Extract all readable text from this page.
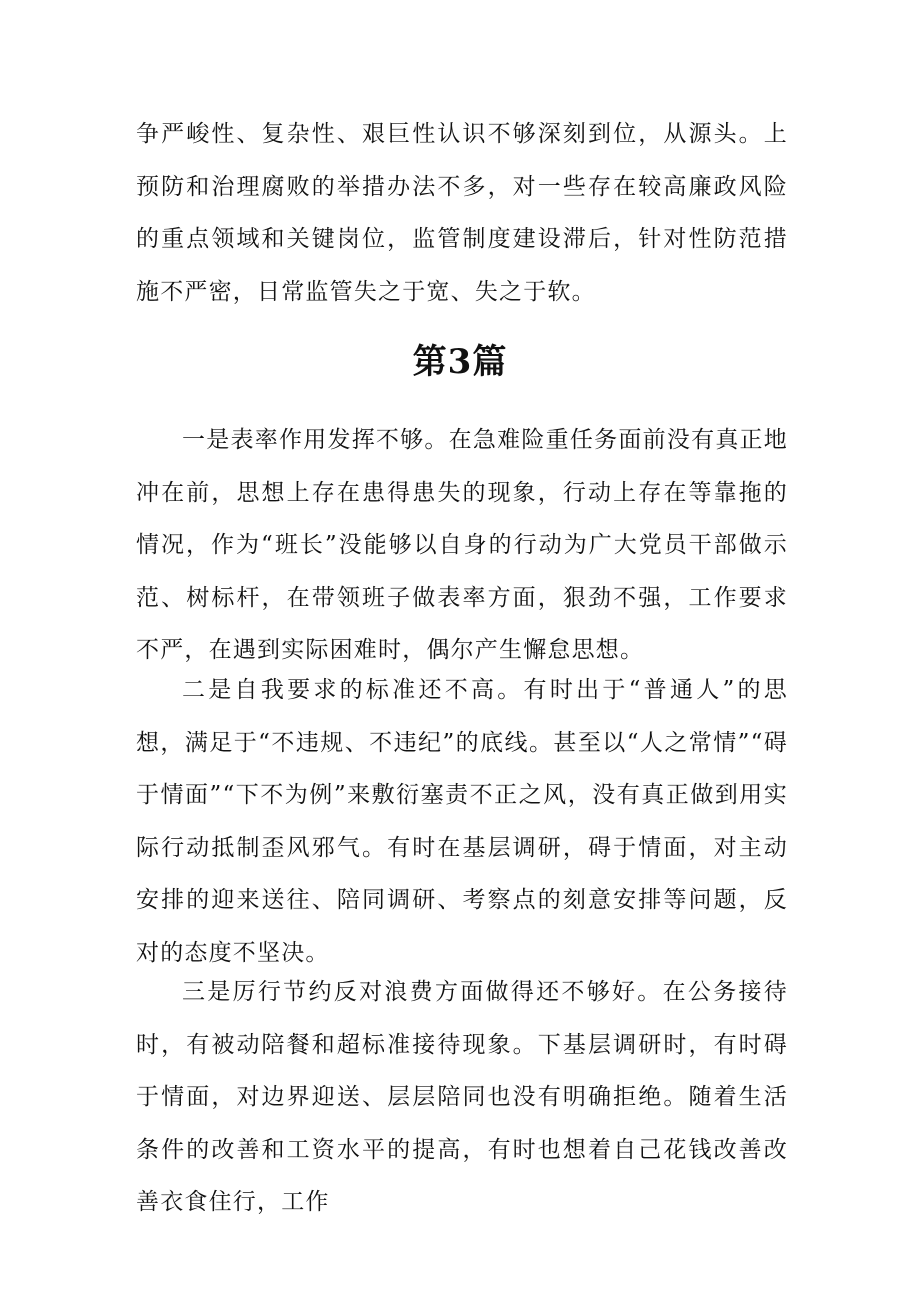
争严峻性、复杂性、艰巨性认识不够深刻到位，从源头。上预防和治理腐败的举措办法不多，对一些存在较高廉政风险的重点领域和关键岗位，监管制度建设滞后，针对性防范措施不严密，日常监管失之于宽、失之于软。

第3篇

一是表率作用发挥不够。在急难险重任务面前没有真正地冲在前，思想上存在患得患失的现象，行动上存在等靠拖的情况，作为“班长”没能够以自身的行动为广大党员干部做示范、树标杆，在带领班子做表率方面，狠劲不强，工作要求不严，在遇到实际困难时，偶尔产生懈怠思想。

二是自我要求的标准还不高。有时出于“普通人”的思想，满足于“不违规、不违纪”的底线。甚至以“人之常情”“碍于情面”“下不为例”来敷衍塞责不正之风，没有真正做到用实际行动抵制歪风邪气。有时在基层调研，碍于情面，对主动安排的迎来送往、陪同调研、考察点的刻意安排等问题，反对的态度不坚决。

三是厉行节约反对浪费方面做得还不够好。在公务接待时，有被动陪餐和超标准接待现象。下基层调研时，有时碍于情面，对边界迎送、层层陪同也没有明确拒绝。随着生活条件的改善和工资水平的提高，有时也想着自己花钱改善改善衣食住行，工作
